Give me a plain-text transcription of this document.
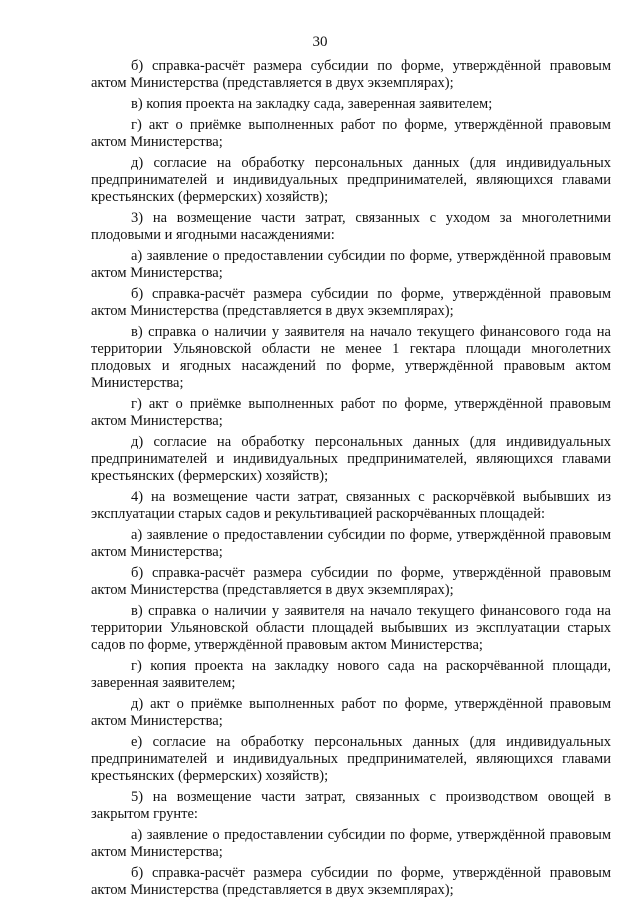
30

б) справка-расчёт размера субсидии по форме, утверждённой правовым актом Министерства (представляется в двух экземплярах);

в) копия проекта на закладку сада, заверенная заявителем;

г) акт о приёмке выполненных работ по форме, утверждённой правовым актом Министерства;

д) согласие на обработку персональных данных (для индивидуальных предпринимателей и индивидуальных предпринимателей, являющихся главами крестьянских (фермерских) хозяйств);

3) на возмещение части затрат, связанных с уходом за многолетними плодовыми и ягодными насаждениями:

а) заявление о предоставлении субсидии по форме, утверждённой правовым актом Министерства;

б) справка-расчёт размера субсидии по форме, утверждённой правовым актом Министерства (представляется в двух экземплярах);

в) справка о наличии у заявителя на начало текущего финансового года на территории Ульяновской области не менее 1 гектара площади многолетних плодовых и ягодных насаждений по форме, утверждённой правовым актом Министерства;

г) акт о приёмке выполненных работ по форме, утверждённой правовым актом Министерства;

д) согласие на обработку персональных данных (для индивидуальных предпринимателей и индивидуальных предпринимателей, являющихся главами крестьянских (фермерских) хозяйств);

4) на возмещение части затрат, связанных с раскорчёвкой выбывших из эксплуатации старых садов и рекультивацией раскорчёванных площадей:

а) заявление о предоставлении субсидии по форме, утверждённой правовым актом Министерства;

б) справка-расчёт размера субсидии по форме, утверждённой правовым актом Министерства (представляется в двух экземплярах);

в) справка о наличии у заявителя на начало текущего финансового года на территории Ульяновской области площадей выбывших из эксплуатации старых садов по форме, утверждённой правовым актом Министерства;

г) копия проекта на закладку нового сада на раскорчёванной площади, заверенная заявителем;

д) акт о приёмке выполненных работ по форме, утверждённой правовым актом Министерства;

е) согласие на обработку персональных данных (для индивидуальных предпринимателей и индивидуальных предпринимателей, являющихся главами крестьянских (фермерских) хозяйств);

5) на возмещение части затрат, связанных с производством овощей в закрытом грунте:

а) заявление о предоставлении субсидии по форме, утверждённой правовым актом Министерства;

б) справка-расчёт размера субсидии по форме, утверждённой правовым актом Министерства (представляется в двух экземплярах);
